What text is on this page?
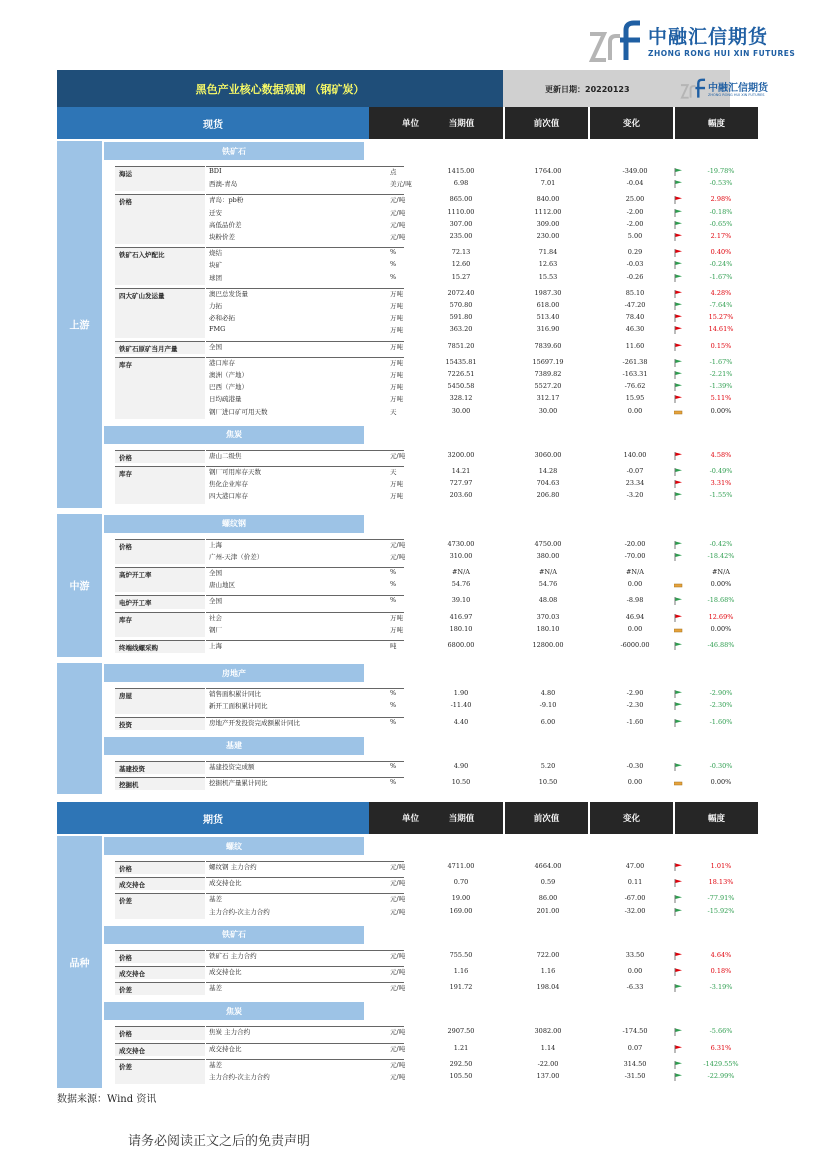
中融汇信期货
ZHONG RONG HUI XIN FUTURES
黑色产业核心数据观测 （钢矿炭）	更新日期：20220123	中融汇信期货
ZHONG RONG HUI XIN FUTURES
现货	单位	当期值	前次值	变化	幅度
铁矿石
海运	BDI	点	1415.00	1764.00	-349.00	-19.78%
西澳-青岛	美元/吨	6.98	7.01	-0.04	-0.53%
价格	青岛：pb粉	元/吨	865.00	840.00	25.00	2.98%
迁安	元/吨	1110.00	1112.00	-2.00	-0.18%
高低品价差	元/吨	307.00	309.00	-2.00	-0.65%
块粉价差	元/吨	235.00	230.00	5.00	2.17%
铁矿石入炉配比	烧结	%	72.13	71.84	0.29	0.40%
块矿	%	12.60	12.63	-0.03	-0.24%
球团	%	15.27	15.53	-0.26	-1.67%
四大矿山发运量	澳巴总发货量	万吨	2072.40	1987.30	85.10	4.28%
力拓	万吨	570.80	618.00	-47.20	-7.64%
必和必拓	万吨	591.80	513.40	78.40	15.27%
FMG	万吨	363.20	316.90	46.30	14.61%
铁矿石原矿当月产量	全国	万吨	7851.20	7839.60	11.60	0.15%
库存	港口库存	万吨	15435.81	15697.19	-261.38	-1.67%
澳洲（产地）	万吨	7226.51	7389.82	-163.31	-2.21%
巴西（产地）	万吨	5450.58	5527.20	-76.62	-1.39%
日均疏港量	万吨	328.12	312.17	15.95	5.11%
钢厂进口矿可用天数	天	30.00	30.00	0.00	0.00%
焦炭
价格	唐山二级焦	元/吨	3200.00	3060.00	140.00	4.58%
库存	钢厂可用库存天数	天	14.21	14.28	-0.07	-0.49%
焦化企业库存	万吨	727.97	704.63	23.34	3.31%
四大港口库存	万吨	203.60	206.80	-3.20	-1.55%
上游
螺纹钢
价格	上海	元/吨	4730.00	4750.00	-20.00	-0.42%
广州-天津（价差）	元/吨	310.00	380.00	-70.00	-18.42%
高炉开工率	全国	%	#N/A	#N/A	#N/A	#N/A
唐山地区	%	54.76	54.76	0.00	0.00%
电炉开工率	全国	%	39.10	48.08	-8.98	-18.68%
库存	社会	万吨	416.97	370.03	46.94	12.69%
钢厂	万吨	180.10	180.10	0.00	0.00%
终端线螺采购	上海	吨	6800.00	12800.00	-6000.00	-46.88%
中游
房地产
房屋	销售面积累计同比	%	1.90	4.80	-2.90	-2.90%
新开工面积累计同比	%	-11.40	-9.10	-2.30	-2.30%
投资	房地产开发投资完成额累计同比	%	4.40	6.00	-1.60	-1.60%
基建
基建投资	基建投资完成额	%	4.90	5.20	-0.30	-0.30%
挖掘机	挖掘机产量累计同比	%	10.50	10.50	0.00	0.00%
期货	单位	当期值	前次值	变化	幅度
螺纹
价格	螺纹钢 主力合约	元/吨	4711.00	4664.00	47.00	1.01%
成交持仓	成交持仓比	元/吨	0.70	0.59	0.11	18.13%
价差	基差	元/吨	19.00	86.00	-67.00	-77.91%
主力合约-次主力合约	元/吨	169.00	201.00	-32.00	-15.92%
铁矿石
价格	铁矿石 主力合约	元/吨	755.50	722.00	33.50	4.64%
成交持仓	成交持仓比	元/吨	1.16	1.16	0.00	0.18%
价差	基差	元/吨	191.72	198.04	-6.33	-3.19%
焦炭
价格	焦炭 主力合约	元/吨	2907.50	3082.00	-174.50	-5.66%
成交持仓	成交持仓比	元/吨	1.21	1.14	0.07	6.31%
价差	基差	元/吨	292.50	-22.00	314.50	-1429.55%
主力合约-次主力合约	元/吨	105.50	137.00	-31.50	-22.99%
品种
数据来源：Wind 资讯
请务必阅读正文之后的免责声明
